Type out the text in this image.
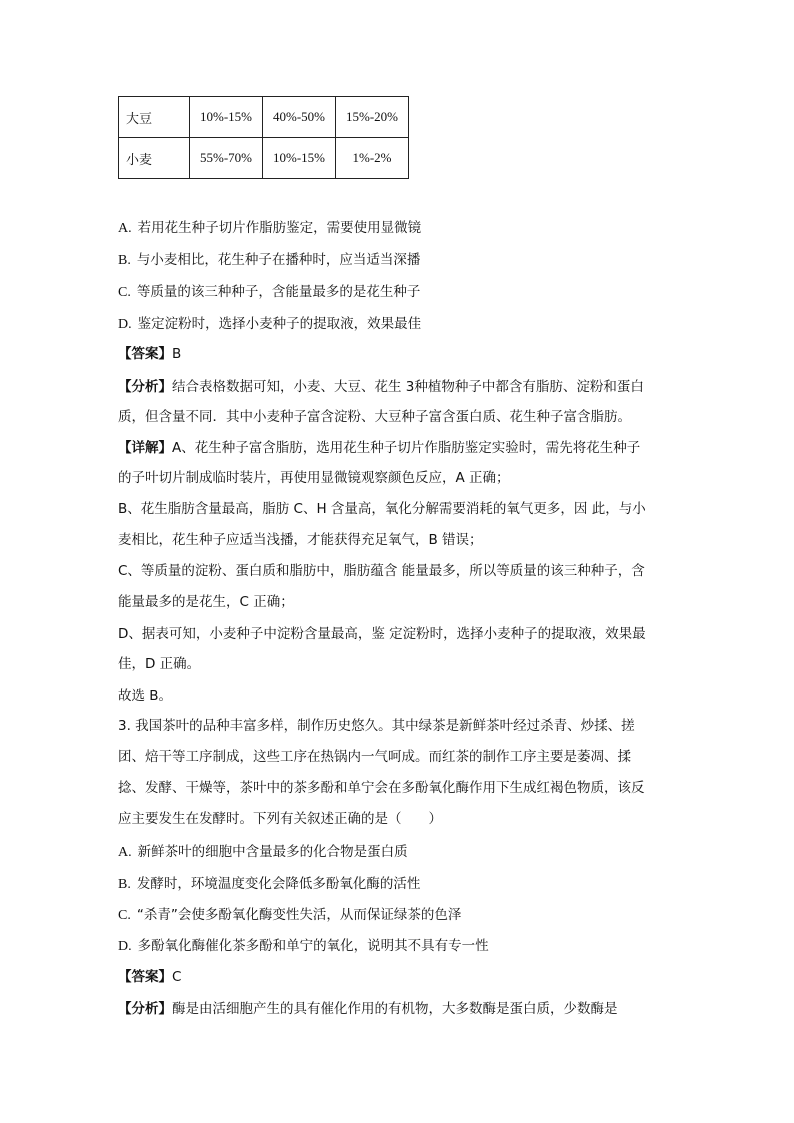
大豆	10%-15%	40%-50%	15%-20%
小麦	55%-70%	10%-15%	1%-2%
A. 若用花生种子切片作脂肪鉴定，需要使用显微镜
B. 与小麦相比，花生种子在播种时，应当适当深播
C. 等质量的该三种种子，含能量最多的是花生种子
D. 鉴定淀粉时，选择小麦种子的提取液，效果最佳
【答案】B
【分析】结合表格数据可知，小麦、大豆、花生 3种植物种子中都含有脂肪、淀粉和蛋白
质，但含量不同．其中小麦种子富含淀粉、大豆种子富含蛋白质、花生种子富含脂肪。
【详解】A、花生种子富含脂肪，选用花生种子切片作脂肪鉴定实验时，需先将花生种子
的子叶切片制成临时装片，再使用显微镜观察颜色反应，A 正确；
B、花生脂肪含量最高，脂肪 C、H 含量高，氧化分解需要消耗的氧气更多，因 此，与小
麦相比，花生种子应适当浅播，才能获得充足氧气，B 错误；
C、等质量的淀粉、蛋白质和脂肪中，脂肪蕴含 能量最多，所以等质量的该三种种子，含
能量最多的是花生，C 正确；
D、据表可知，小麦种子中淀粉含量最高，鉴 定淀粉时，选择小麦种子的提取液，效果最
佳，D 正确。
故选 B。
3. 我国茶叶的品种丰富多样，制作历史悠久。其中绿茶是新鲜茶叶经过杀青、炒揉、搓
团、焙干等工序制成，这些工序在热锅内一气呵成。而红茶的制作工序主要是萎凋、揉
捻、发酵、干燥等，茶叶中的茶多酚和单宁会在多酚氧化酶作用下生成红褐色物质，该反
应主要发生在发酵时。下列有关叙述正确的是（　　）
A. 新鲜茶叶的细胞中含量最多的化合物是蛋白质
B. 发酵时，环境温度变化会降低多酚氧化酶的活性
C. “杀青”会使多酚氧化酶变性失活，从而保证绿茶的色泽
D. 多酚氧化酶催化茶多酚和单宁的氧化，说明其不具有专一性
【答案】C
【分析】酶是由活细胞产生的具有催化作用的有机物，大多数酶是蛋白质，少数酶是
